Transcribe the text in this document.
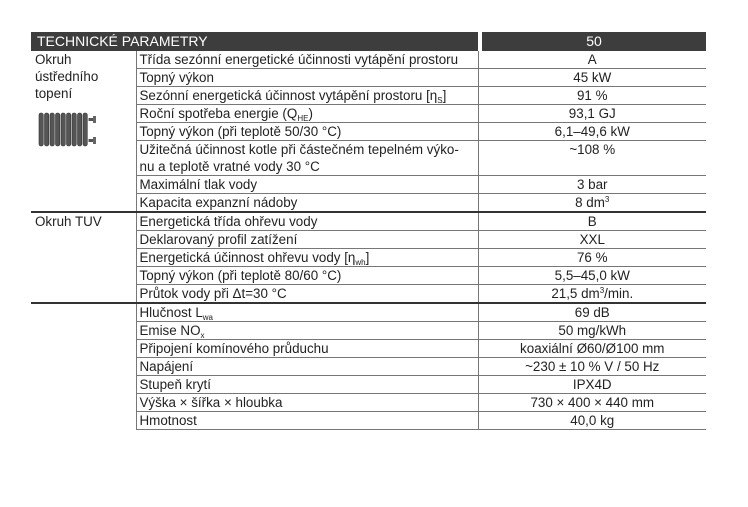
TECHNICKÉ PARAMETRY	50
Okruh
ústředního
topení	Třída sezónní energetické účinnosti vytápění prostoru	A
	Topný výkon	45 kW
	Sezónní energetická účinnost vytápění prostoru $[\eta_S]$	91 %
	Roční spotřeba energie $(Q_{HE})$	93,1 GJ
	Topný výkon (při teplotě 50/30 °C)	6,1–49,6 kW
	Užitečná účinnost kotle při částečném tepelném výko-
nu a teplotě vratné vody 30 °C	~108 %
	Maximální tlak vody	3 bar
	Kapacita expanzní nádoby	8 $dm^3$

Okruh TUV	Energetická třída ohřevu vody	B
	Deklarovaný profil zatížení	XXL
	Energetická účinnost ohřevu vody $[\eta_{wh}]$	76 %
	Topný výkon (při teplotě 80/60 °C)	5,5–45,0 kW
	Průtok vody při Δt=30 °C	21,5 $dm^3/\min$.
	Hlučnost $L_{wa}$	69 dB
	Emise $NO_x$	50 mg/kWh
	Připojení komínového průduchu	koaxiální Ø60/Ø100 mm
	Napájení	~230 ± 10 % V / 50 Hz
	Stupeň krytí	IPX4D
	Výška × šířka × hloubka	730 × 400 × 440 mm
	Hmotnost	40,0 kg
